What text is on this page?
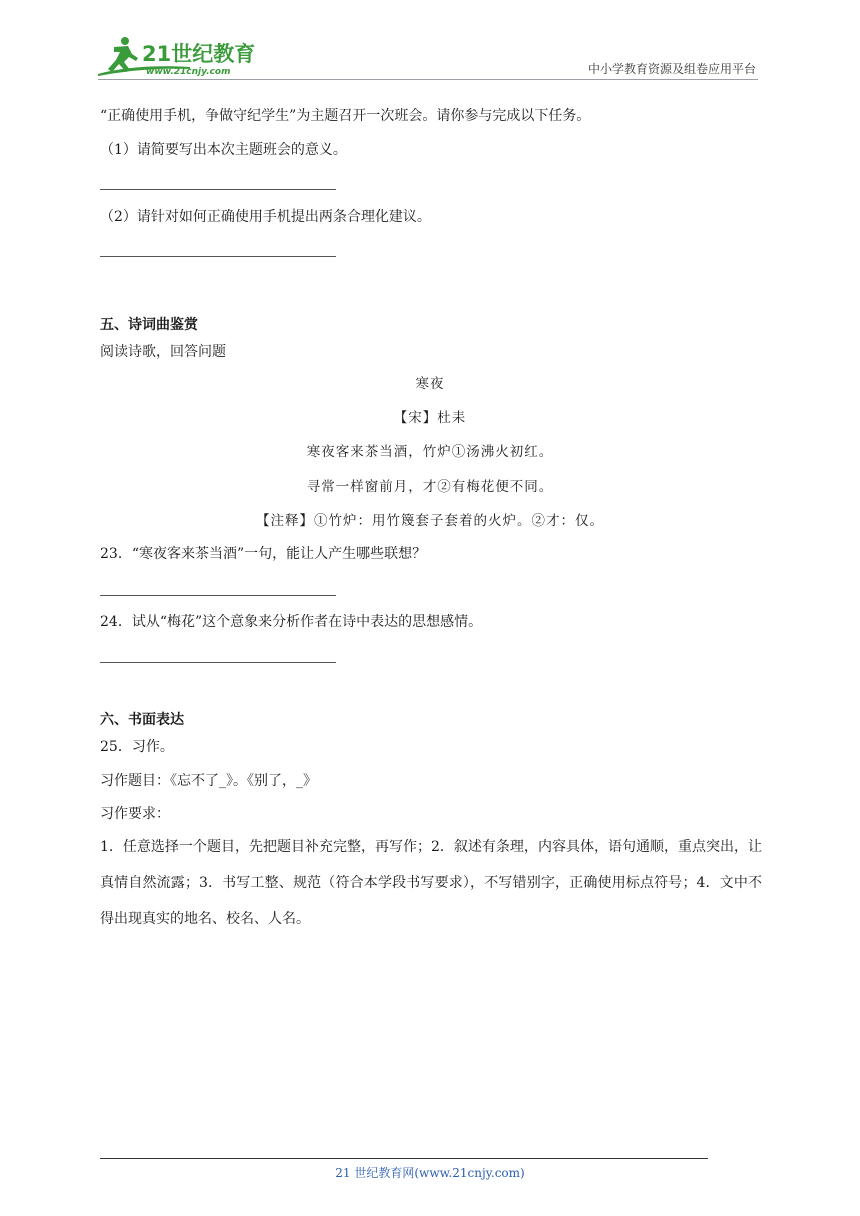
21世纪教育
www.21cnjy.com	中小学教育资源及组卷应用平台
“正确使用手机，争做守纪学生”为主题召开一次班会。请你参与完成以下任务。
（1）请简要写出本次主题班会的意义。
（2）请针对如何正确使用手机提出两条合理化建议。
五、诗词曲鉴赏
阅读诗歌，回答问题
寒夜
【宋】杜耒
寒夜客来茶当酒，竹炉①汤沸火初红。
寻常一样窗前月，才②有梅花便不同。
【注释】①竹炉：用竹篾套子套着的火炉。②才：仅。
23．“寒夜客来茶当酒”一句，能让人产生哪些联想？
24．试从“梅花”这个意象来分析作者在诗中表达的思想感情。
六、书面表达
25．习作。
习作题目：《忘不了_》。《别了，_》
习作要求：
1．任意选择一个题目，先把题目补充完整，再写作；2．叙述有条理，内容具体，语句通顺，重点突出，让真情自然流露；3．书写工整、规范（符合本学段书写要求），不写错别字，正确使用标点符号；4．文中不得出现真实的地名、校名、人名。
21 世纪教育网(www.21cnjy.com)
